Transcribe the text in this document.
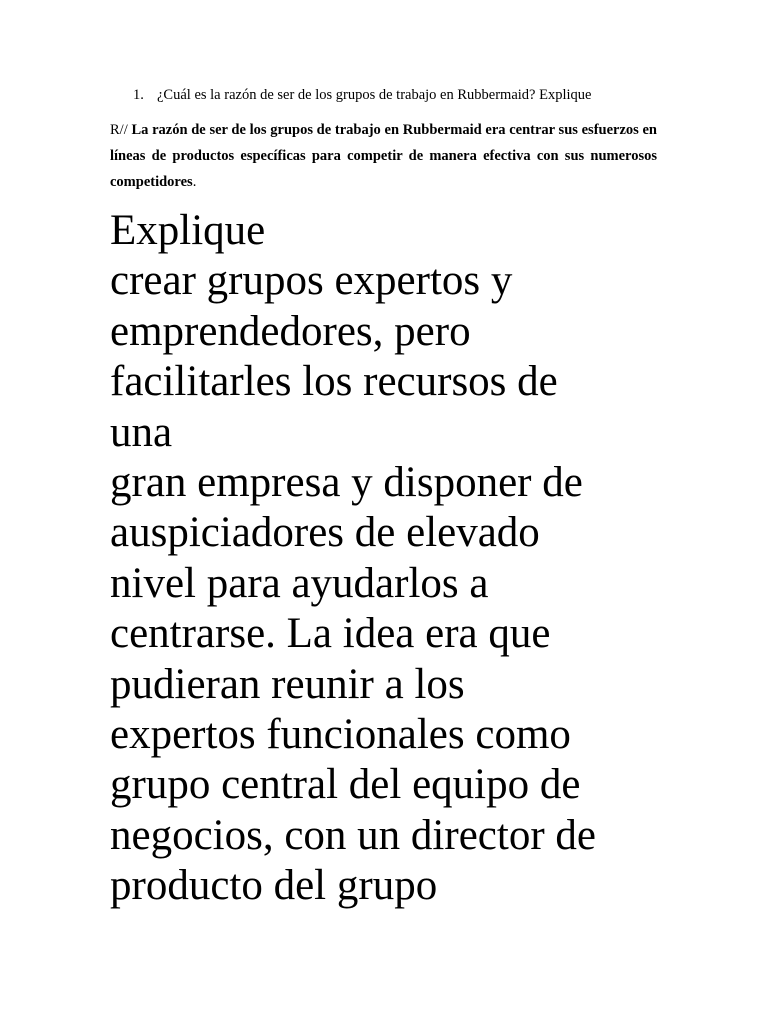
1. ¿Cuál es la razón de ser de los grupos de trabajo en Rubbermaid? Explique
R// La razón de ser de los grupos de trabajo en Rubbermaid era centrar sus esfuerzos en líneas de productos específicas para competir de manera efectiva con sus numerosos competidores.
Explique
crear grupos expertos y
emprendedores, pero
facilitarles los recursos de
una
gran empresa y disponer de
auspiciadores de elevado
nivel para ayudarlos a
centrarse. La idea era que
pudieran reunir a los
expertos funcionales como
grupo central del equipo de
negocios, con un director de
producto del grupo
